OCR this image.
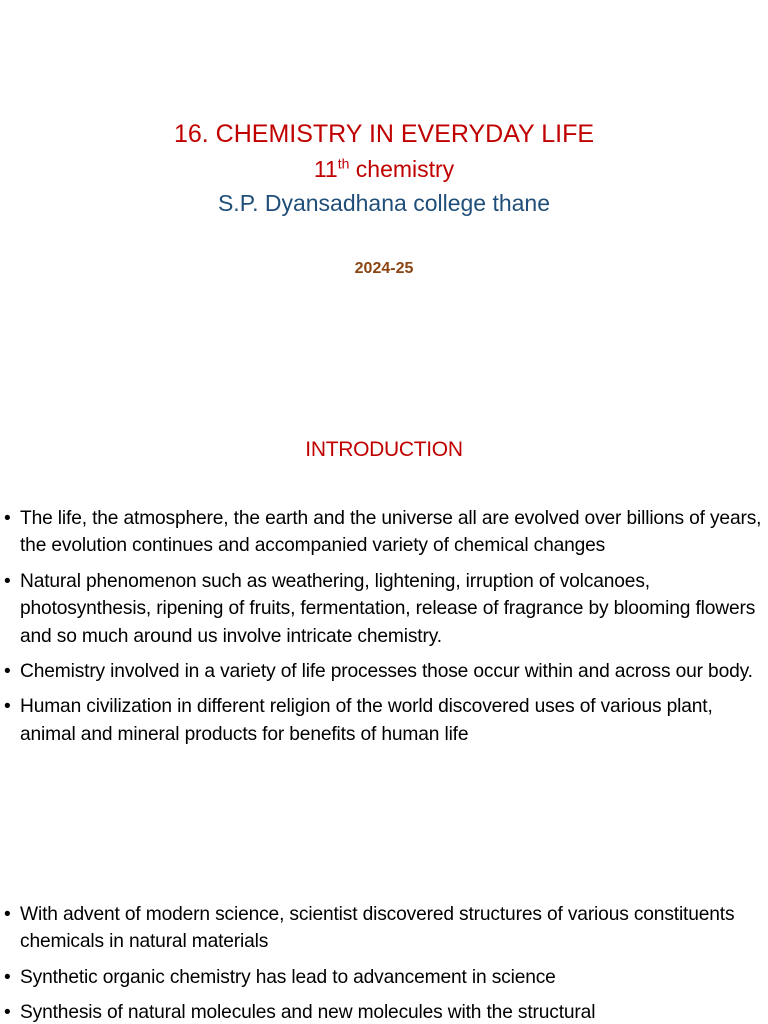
16. CHEMISTRY IN EVERYDAY LIFE
11th chemistry
S.P. Dyansadhana college thane
2024-25
INTRODUCTION
• The life, the atmosphere, the earth and the universe all are evolved over billions of years, the evolution continues and accompanied variety of chemical changes
• Natural phenomenon such as weathering, lightening, irruption of volcanoes, photosynthesis, ripening of fruits, fermentation, release of fragrance by blooming flowers and so much around us involve intricate chemistry.
• Chemistry involved in a variety of life processes those occur within and across our body.
• Human civilization in different religion of the world discovered uses of various plant, animal and mineral products for benefits of human life
• With advent of modern science, scientist discovered structures of various constituents chemicals in natural materials
• Synthetic organic chemistry has lead to advancement in science
• Synthesis of natural molecules and new molecules with the structural
